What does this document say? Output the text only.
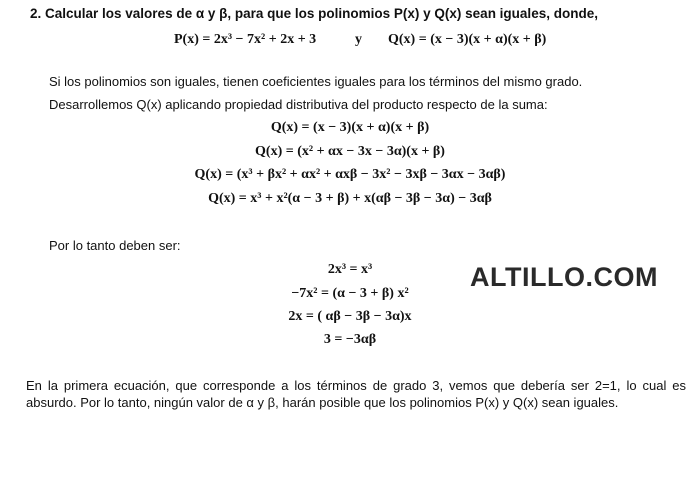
2. Calcular los valores de α y β, para que los polinomios P(x) y Q(x) sean iguales, donde,
P(x) = 2x³ − 7x² + 2x + 3	y Q(x) = (x − 3)(x + α)(x + β)
Si los polinomios son iguales, tienen coeficientes iguales para los términos del mismo grado.
Desarrollemos Q(x) aplicando propiedad distributiva del producto respecto de la suma:
Q(x) = (x − 3)(x + α)(x + β)
Q(x) = (x² + αx − 3x − 3α)(x + β)
Q(x) = (x³ + βx² + αx² + αxβ − 3x² − 3xβ − 3αx − 3αβ)
Q(x) = x³ + x²(α − 3 + β) + x(αβ − 3β − 3α) − 3αβ
Por lo tanto deben ser:
2x³ = x³
−7x² = (α − 3 + β) x²
2x = ( αβ − 3β − 3α)x
3 = −3αβ
ALTILLO.COM
En la primera ecuación, que corresponde a los términos de grado 3, vemos que debería ser 2=1, lo cual es absurdo. Por lo tanto, ningún valor de α y β, harán posible que los polinomios P(x) y Q(x) sean iguales.
